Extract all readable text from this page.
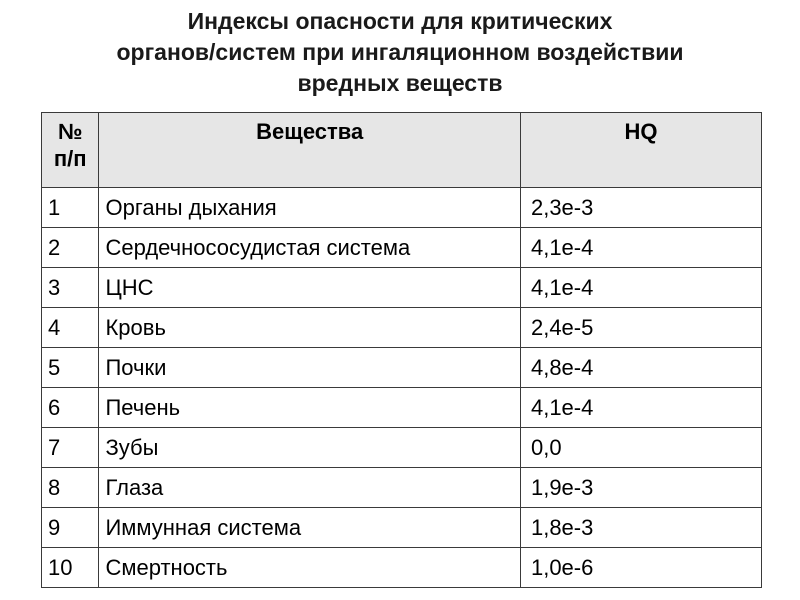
Индексы опасности для критических
органов/систем при ингаляционном воздействии
вредных веществ
№
п/п	Вещества	HQ
1	Органы дыхания	2,3е-3
2	Сердечнососудистая система	4,1е-4
3	ЦНС	4,1е-4
4	Кровь	2,4е-5
5	Почки	4,8е-4
6	Печень	4,1е-4
7	Зубы	0,0
8	Глаза	1,9е-3
9	Иммунная система	1,8е-3
10	Смертность	1,0е-6
